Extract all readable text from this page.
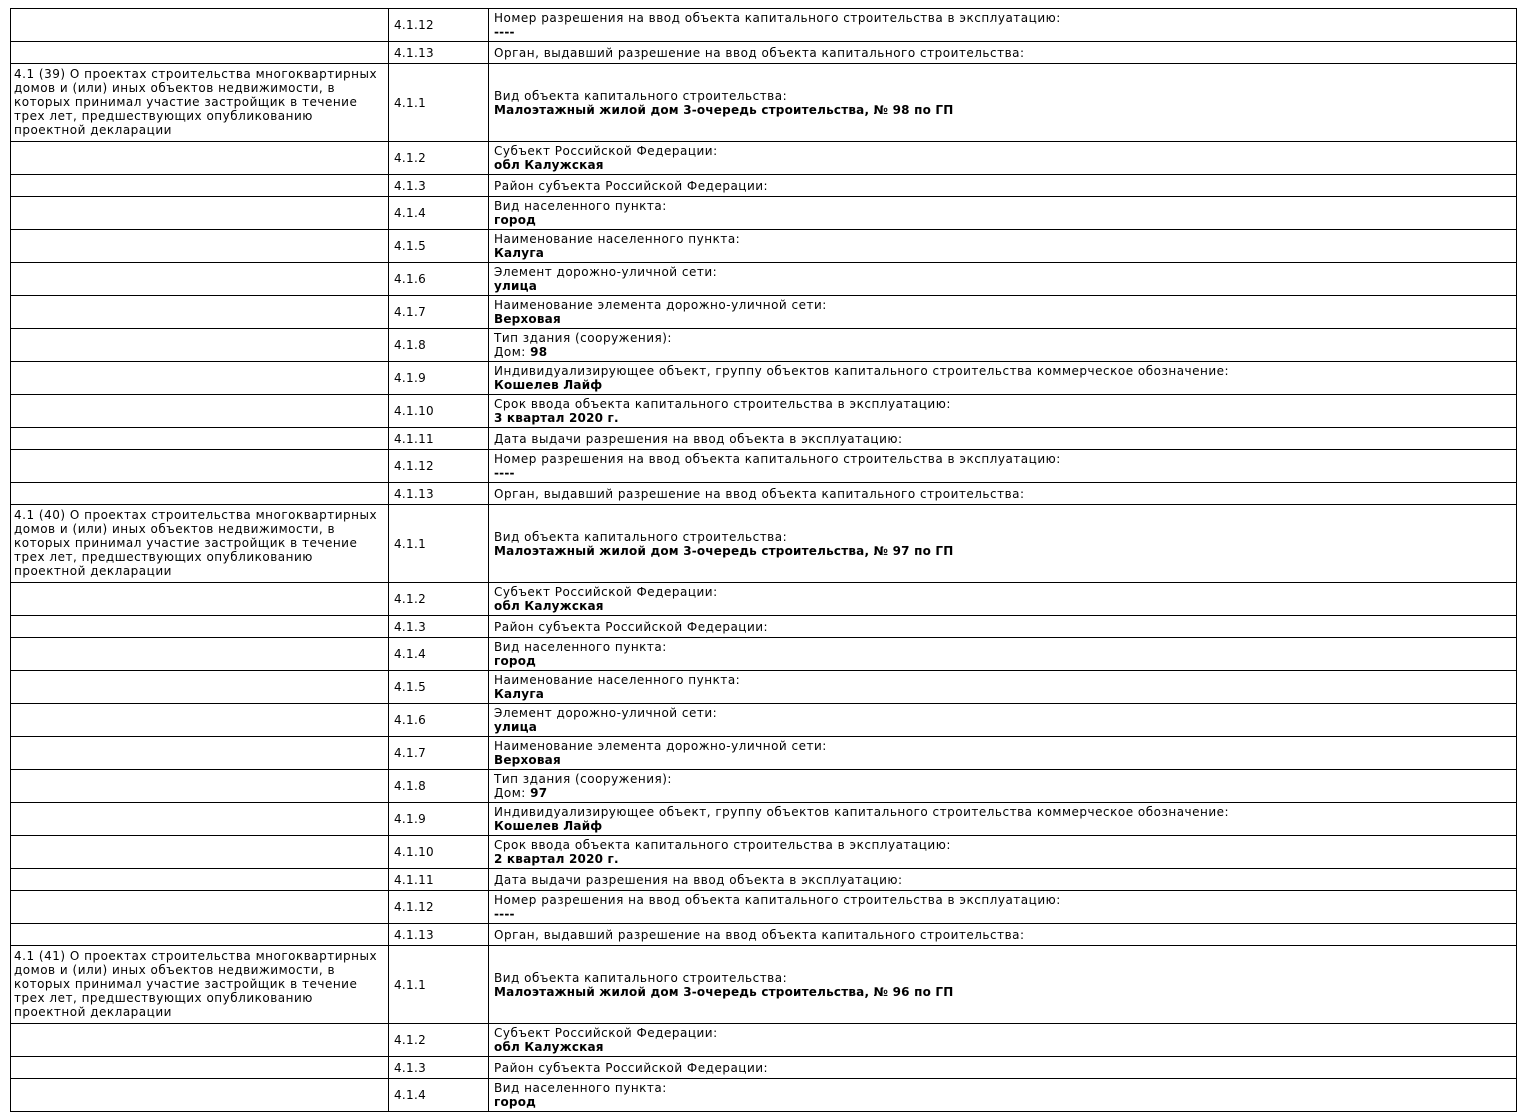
	4.1.12	Номер разрешения на ввод объекта капитального строительства в эксплуатацию:
----

	4.1.13	Орган, выдавший разрешение на ввод объекта капитального строительства:

4.1 (39) О проектах строительства многоквартирных домов и (или) иных объектов недвижимости, в которых принимал участие застройщик в течение трех лет, предшествующих опубликованию проектной декларации	4.1.1	Вид объекта капитального строительства:
Малоэтажный жилой дом 3-очередь строительства, № 98 по ГП

	4.1.2	Субъект Российской Федерации:
обл Калужская

	4.1.3	Район субъекта Российской Федерации:

	4.1.4	Вид населенного пункта:
город

	4.1.5	Наименование населенного пункта:
Калуга

	4.1.6	Элемент дорожно-уличной сети:
улица

	4.1.7	Наименование элемента дорожно-уличной сети:
Верховая

	4.1.8	Тип здания (сооружения):
Дом: 98

	4.1.9	Индивидуализирующее объект, группу объектов капитального строительства коммерческое обозначение:
Кошелев Лайф

	4.1.10	Срок ввода объекта капитального строительства в эксплуатацию:
3 квартал 2020 г.

	4.1.11	Дата выдачи разрешения на ввод объекта в эксплуатацию:

	4.1.12	Номер разрешения на ввод объекта капитального строительства в эксплуатацию:
----

	4.1.13	Орган, выдавший разрешение на ввод объекта капитального строительства:

4.1 (40) О проектах строительства многоквартирных домов и (или) иных объектов недвижимости, в которых принимал участие застройщик в течение трех лет, предшествующих опубликованию проектной декларации	4.1.1	Вид объекта капитального строительства:
Малоэтажный жилой дом 3-очередь строительства, № 97 по ГП

	4.1.2	Субъект Российской Федерации:
обл Калужская

	4.1.3	Район субъекта Российской Федерации:

	4.1.4	Вид населенного пункта:
город

	4.1.5	Наименование населенного пункта:
Калуга

	4.1.6	Элемент дорожно-уличной сети:
улица

	4.1.7	Наименование элемента дорожно-уличной сети:
Верховая

	4.1.8	Тип здания (сооружения):
Дом: 97

	4.1.9	Индивидуализирующее объект, группу объектов капитального строительства коммерческое обозначение:
Кошелев Лайф

	4.1.10	Срок ввода объекта капитального строительства в эксплуатацию:
2 квартал 2020 г.

	4.1.11	Дата выдачи разрешения на ввод объекта в эксплуатацию:

	4.1.12	Номер разрешения на ввод объекта капитального строительства в эксплуатацию:
----

	4.1.13	Орган, выдавший разрешение на ввод объекта капитального строительства:

4.1 (41) О проектах строительства многоквартирных домов и (или) иных объектов недвижимости, в которых принимал участие застройщик в течение трех лет, предшествующих опубликованию проектной декларации	4.1.1	Вид объекта капитального строительства:
Малоэтажный жилой дом 3-очередь строительства, № 96 по ГП

	4.1.2	Субъект Российской Федерации:
обл Калужская

	4.1.3	Район субъекта Российской Федерации:

	4.1.4	Вид населенного пункта:
город
